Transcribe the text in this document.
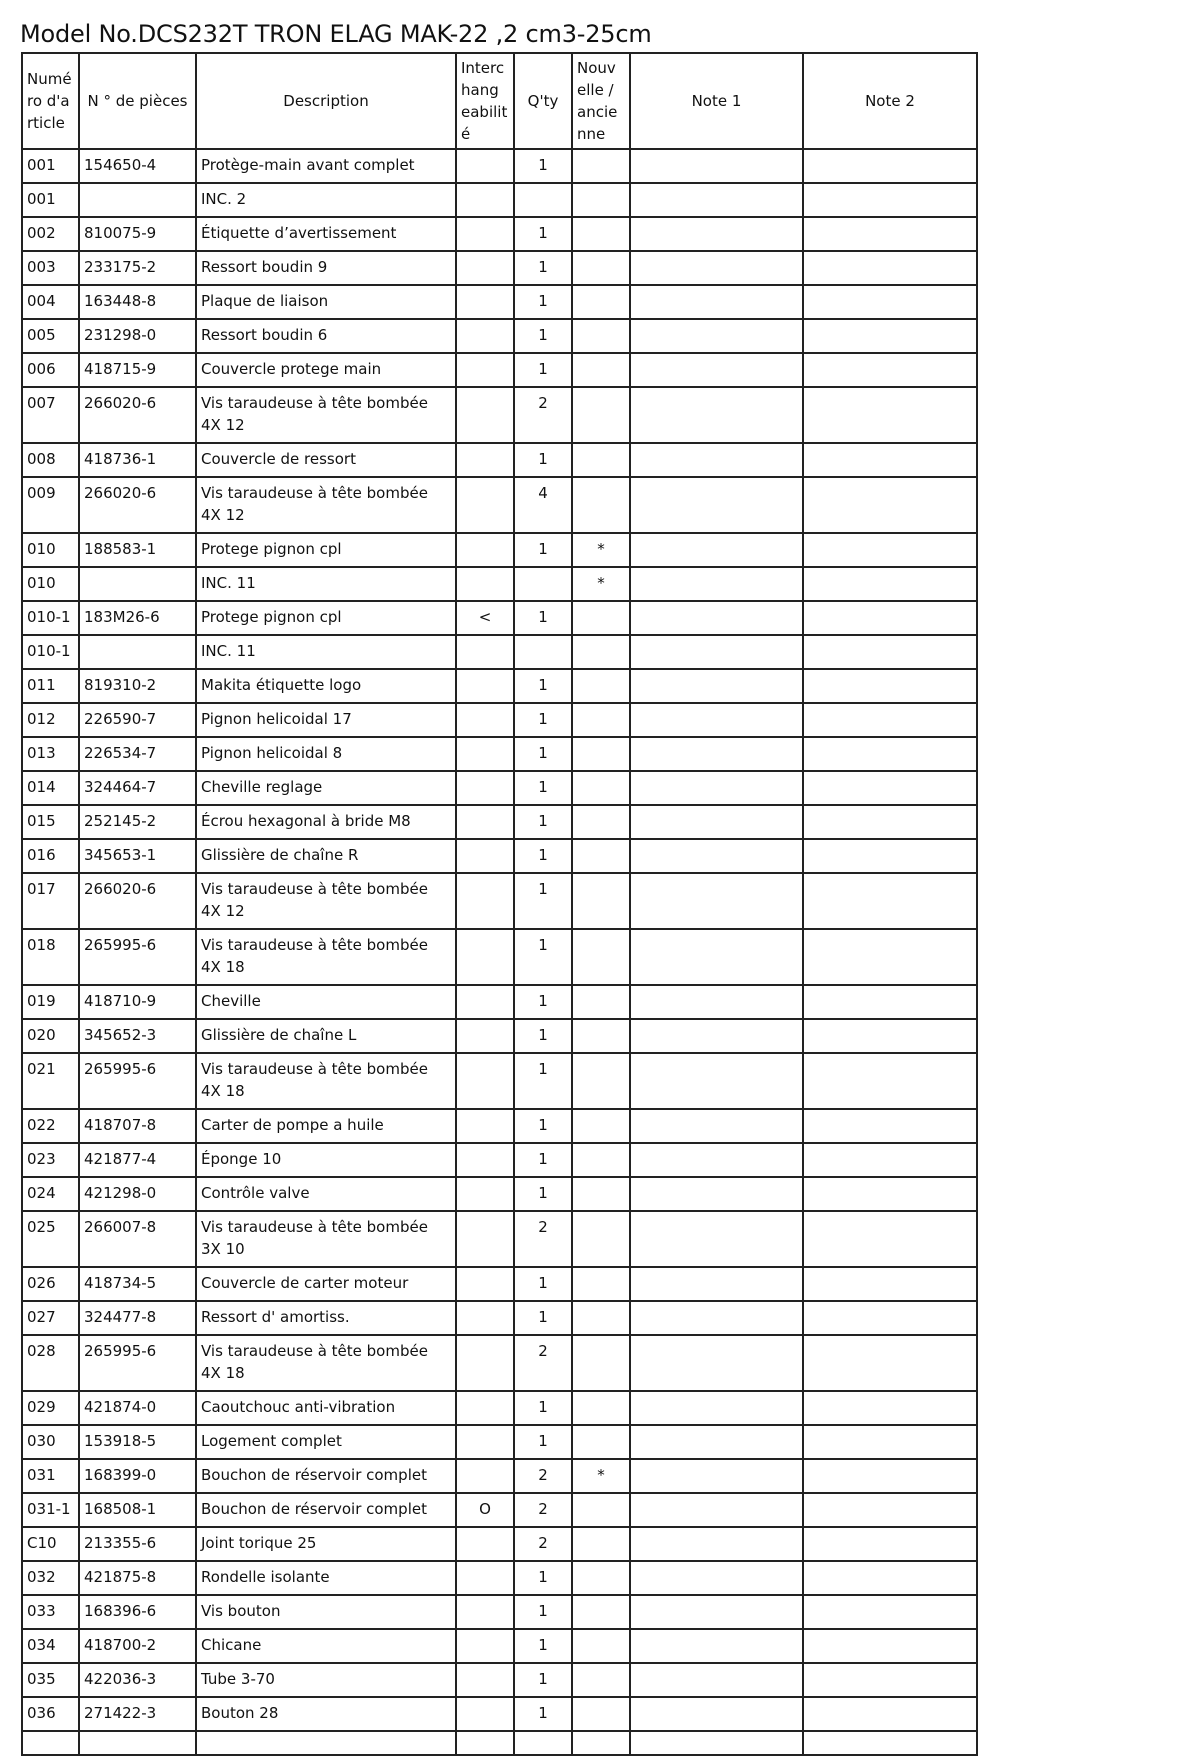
Model No.DCS232T TRON ELAG MAK-22 ,2 cm3-25cm
Numé ro d'a rticle	N ° de pièces	Description	Interc hang eabilit é	Q'ty	Nouv elle / ancie nne	Note 1	Note 2
001	154650-4	Protège-main avant complet		1			
001		INC. 2					
002	810075-9	Étiquette d’avertissement		1			
003	233175-2	Ressort boudin 9		1			
004	163448-8	Plaque de liaison		1			
005	231298-0	Ressort boudin 6		1			
006	418715-9	Couvercle protege main		1			
007	266020-6	Vis taraudeuse à tête bombée 4X 12		2			
008	418736-1	Couvercle de ressort		1			
009	266020-6	Vis taraudeuse à tête bombée 4X 12		4			
010	188583-1	Protege pignon cpl		1	*		
010		INC. 11			*		
010-1	183M26-6	Protege pignon cpl	<	1			
010-1		INC. 11					
011	819310-2	Makita étiquette logo		1			
012	226590-7	Pignon helicoidal 17		1			
013	226534-7	Pignon helicoidal 8		1			
014	324464-7	Cheville reglage		1			
015	252145-2	Écrou hexagonal à bride M8		1			
016	345653-1	Glissière de chaîne R		1			
017	266020-6	Vis taraudeuse à tête bombée 4X 12		1			
018	265995-6	Vis taraudeuse à tête bombée 4X 18		1			
019	418710-9	Cheville		1			
020	345652-3	Glissière de chaîne L		1			
021	265995-6	Vis taraudeuse à tête bombée 4X 18		1			
022	418707-8	Carter de pompe a huile		1			
023	421877-4	Éponge 10		1			
024	421298-0	Contrôle valve		1			
025	266007-8	Vis taraudeuse à tête bombée 3X 10		2			
026	418734-5	Couvercle de carter moteur		1			
027	324477-8	Ressort d' amortiss.		1			
028	265995-6	Vis taraudeuse à tête bombée 4X 18		2			
029	421874-0	Caoutchouc anti-vibration		1			
030	153918-5	Logement complet		1			
031	168399-0	Bouchon de réservoir complet		2	*		
031-1	168508-1	Bouchon de réservoir complet	O	2			
C10	213355-6	Joint torique 25		2			
032	421875-8	Rondelle isolante		1			
033	168396-6	Vis bouton		1			
034	418700-2	Chicane		1			
035	422036-3	Tube 3-70		1			
036	271422-3	Bouton 28		1			
